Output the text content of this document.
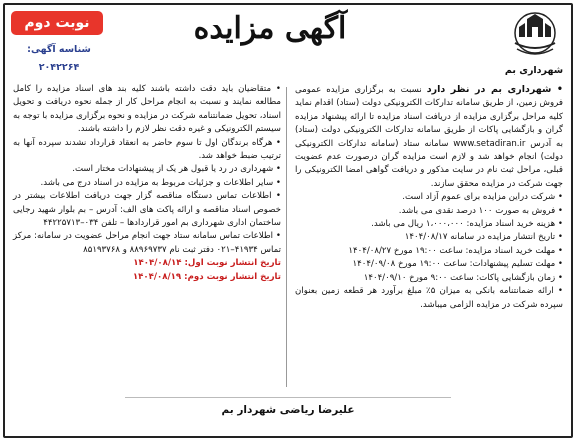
نوبت دوم
شناسه آگهی: ۲۰۴۲۲۶۴
آگهی مزایده
شهرداری بم

• شهرداری بم در نظر دارد نسبت به برگزاری مزایده عمومی فروش زمین، از طریق سامانه تدارکات الکترونیکی دولت (ستاد) اقدام نماید کلیه مراحل برگزاری مزایده از دریافت اسناد مزایده تا ارائه پیشنهاد مزایده گران و بازگشایی پاکات از طریق سامانه تدارکات الکترونیکی دولت (ستاد) به آدرس www.setadiran.ir سامانه ستاد (سامانه تدارکات الکترونیکی دولت) انجام خواهد شد و لازم است مزایده گران درصورت عدم عضویت قبلی، مراحل ثبت نام در سایت مذکور و دریافت گواهی امضا الکترونیکی را جهت شرکت در مزایده محقق سازند.

• شرکت دراین مزایده برای عموم آزاد است.

• فروش به صورت ۱۰۰ درصد نقدی می باشد.

• هزینه خرید اسناد مزایده: ۱،۰۰۰،۰۰۰ ریال می باشد.

• تاریخ انتشار مزایده در سامانه ۱۴۰۴/۰۸/۱۷

• مهلت خرید اسناد مزایده: ساعت ۱۹:۰۰ مورخ ۱۴۰۴/۰۸/۲۷

• مهلت تسلیم پیشنهادات: ساعت ۱۹:۰۰ مورخ ۱۴۰۴/۰۹/۰۸

• زمان بازگشایی پاکات: ساعت ۹:۰۰ مورخ ۱۴۰۴/۰۹/۱۰

• ارائه ضمانتنامه بانکی به میزان ۵٪ مبلغ برآورد هر قطعه زمین بعنوان سپرده شرکت در مزایده الزامی میباشد.

• متقاضیان باید دقت داشته باشند کلیه بند های اسناد مزایده را کامل مطالعه نمایند و نسبت به انجام مراحل کار از جمله نحوه دریافت و تحویل اسناد، تحویل ضمانتنامه شرکت در مزایده و نحوه برگزاری مزایده با توجه به سیستم الکترونیکی و غیره دقت نظر لازم را داشته باشند.

• هرگاه برندگان اول تا سوم حاضر به انعقاد قرارداد نشدند سپرده آنها به ترتیب ضبط خواهد شد.

• شهرداری در رد یا قبول هر یک از پیشنهادات مختار است.

• سایر اطلاعات و جزئیات مربوط به مزایده در اسناد درج می باشد.

• اطلاعات تماس دستگاه مناقصه گزار جهت دریافت اطلاعات بیشتر در خصوص اسناد مناقصه و ارائه پاکت های الف: آدرس – بم بلوار شهید رجایی ساختمان اداری شهرداری بم امور قراردادها – تلفن ۰۳۴–۴۴۲۲۵۷۱۳

• اطلاعات تماس سامانه ستاد جهت انجام مراحل عضویت در سامانه: مرکز تماس ۴۱۹۳۴–۰۲۱ دفتر ثبت نام ۸۸۹۶۹۷۳۷ و ۸۵۱۹۳۷۶۸

تاریخ انتشار نوبت اول: ۱۴۰۴/۰۸/۱۴

تاریخ انتشار نوبت دوم: ۱۴۰۴/۰۸/۱۹

علیرضا ریاضی شهردار بم
